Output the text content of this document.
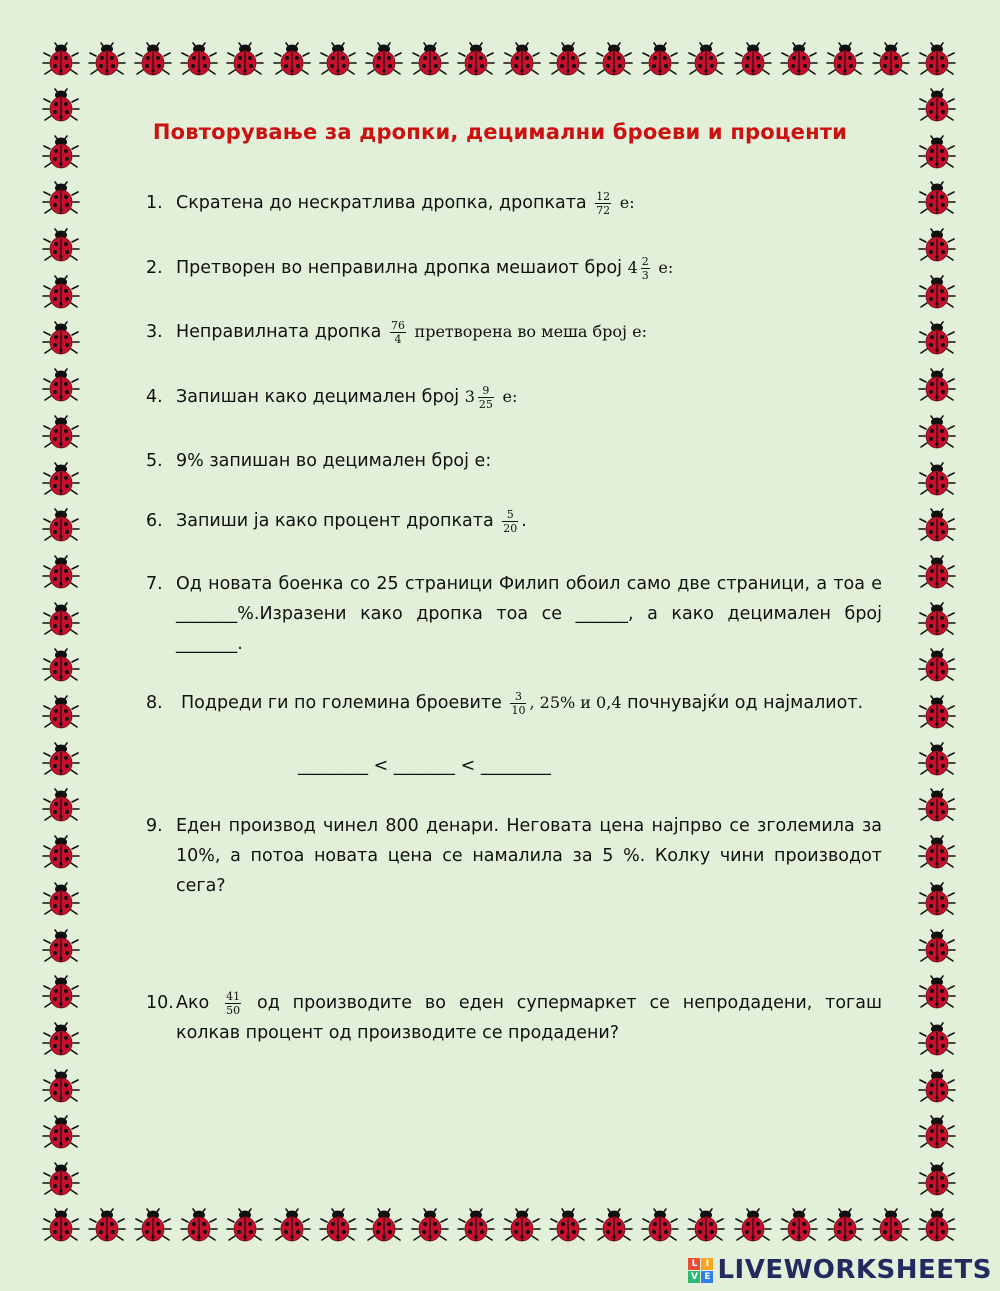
Повторување за дропки, децимални броеви и проценти
1. Скратена до нескратлива дропка, дропката $\frac{12}{72} е$:
2. Претворен во неправилна дропка мешаиот број $4 \frac{2}{3} е$:
3. Неправилната дропка $\frac{76}{4}$ претворена во меша број е:
4. Запишан како децимален број $3 \frac{9}{25} е$:
5. 9% запишан во децимален број е:
6. Запиши ја како процент дропката $\frac{5}{20}$ .
7. Од новата боенка со 25 страници Филип обоил само две страници, а тоа е _______%.Изразени како дропка тоа се ______, а како децимален број _______.
8.	Подреди ги по големина броевите $\frac{3}{10}$ , 25% и 0,4 почнувајќи од најмалиот.
________ < _______ < ________
9. Еден производ чинел 800 денари. Неговата цена најпрво се зголемила за 10%, а потоа новата цена се намалила за 5 %. Колку чини производот сега?
10. Ако $\frac{41}{50}$ од производите во еден супермаркет се непродадени, тогаш колкав процент од производите се продадени?
L I
V E LIVEWORKSHEETS
